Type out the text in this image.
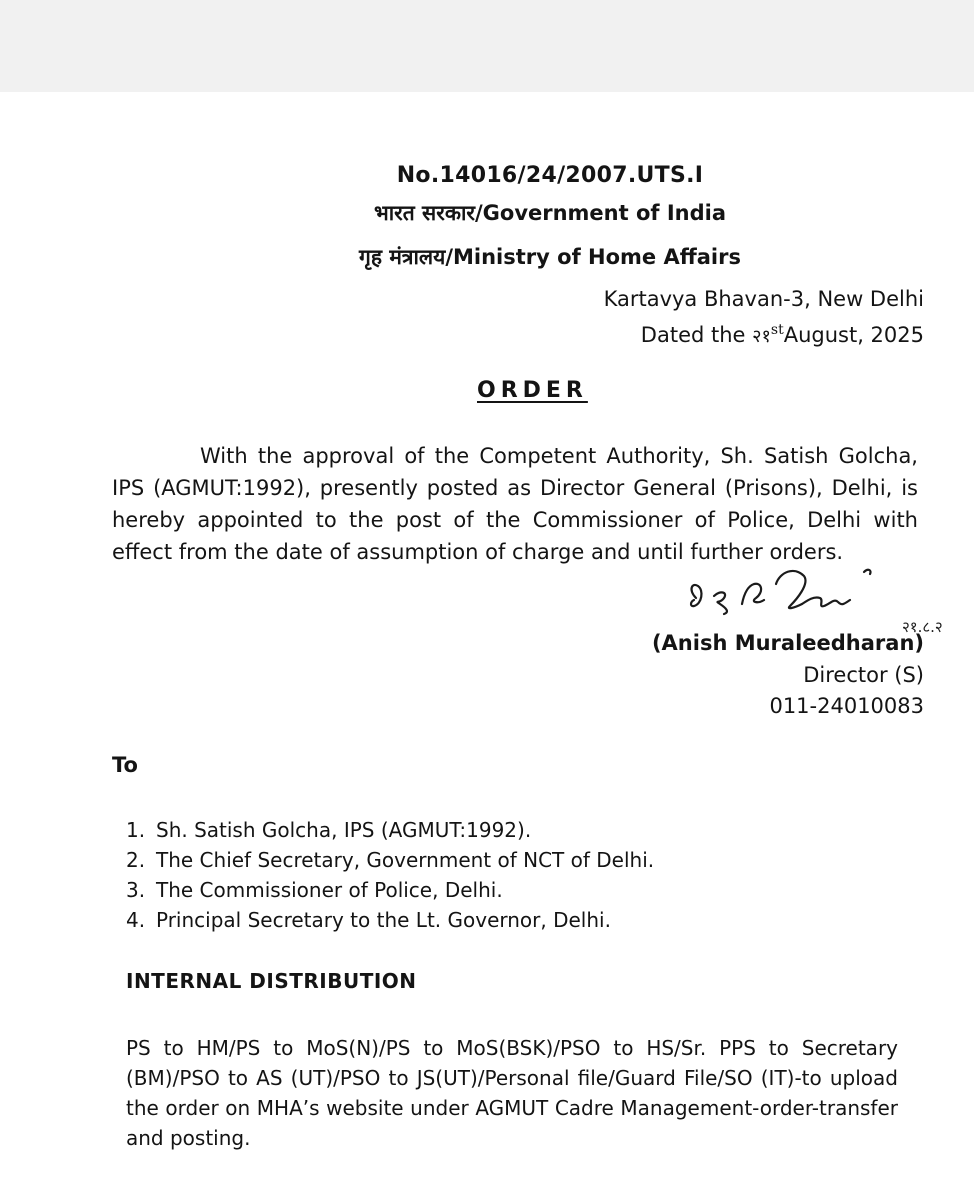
No.14016/24/2007.UTS.I
भारत सरकार/Government of India
गृह मंत्रालय/Ministry of Home Affairs
Kartavya Bhavan-3, New Delhi
Dated the २१stAugust, 2025
ORDER

With the approval of the Competent Authority, Sh. Satish Golcha, IPS (AGMUT:1992), presently posted as Director General (Prisons), Delhi, is hereby appointed to the post of the Commissioner of Police, Delhi with effect from the date of assumption of charge and until further orders.

२१.८.२
(Anish Muraleedharan)
Director (S)
011-24010083
To
1. Sh. Satish Golcha, IPS (AGMUT:1992).
2. The Chief Secretary, Government of NCT of Delhi.
3. The Commissioner of Police, Delhi.
4. Principal Secretary to the Lt. Governor, Delhi.
INTERNAL DISTRIBUTION

PS to HM/PS to MoS(N)/PS to MoS(BSK)/PSO to HS/Sr. PPS to Secretary (BM)/PSO to AS (UT)/PSO to JS(UT)/Personal file/Guard File/SO (IT)-to upload the order on MHA’s website under AGMUT Cadre Management-order-transfer and posting.
